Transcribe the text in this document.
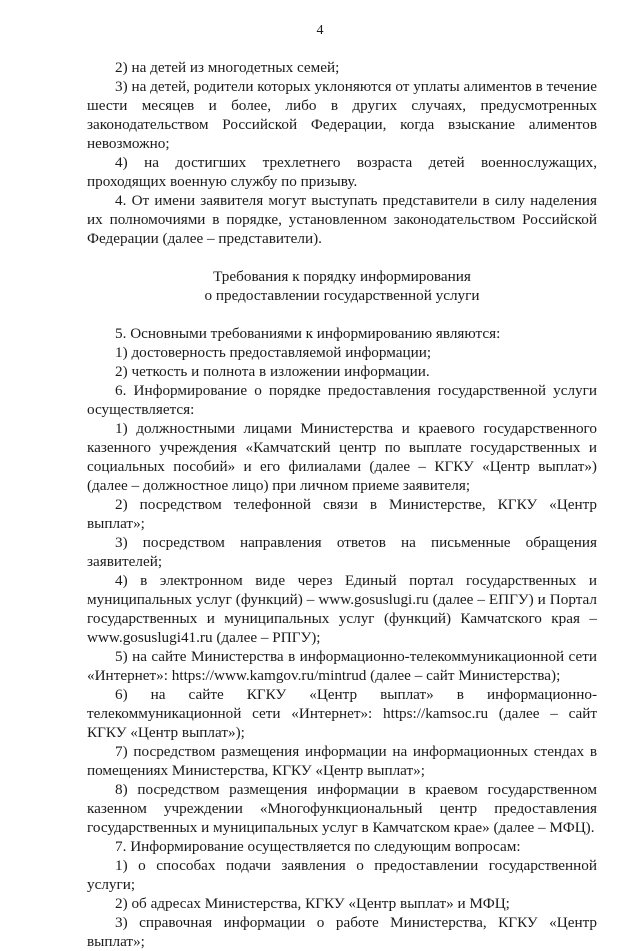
4

2) на детей из многодетных семей;

3) на детей, родители которых уклоняются от уплаты алиментов в течение шести месяцев и более, либо в других случаях, предусмотренных законодательством Российской Федерации, когда взыскание алиментов невозможно;

4) на достигших трехлетнего возраста детей военнослужащих, проходящих военную службу по призыву.

4. От имени заявителя могут выступать представители в силу наделения их полномочиями в порядке, установленном законодательством Российской Федерации (далее – представители).

Требования к порядку информирования

о предоставлении государственной услуги

5. Основными требованиями к информированию являются:

1) достоверность предоставляемой информации;

2) четкость и полнота в изложении информации.

6. Информирование о порядке предоставления государственной услуги осуществляется:

1) должностными лицами Министерства и краевого государственного казенного учреждения «Камчатский центр по выплате государственных и социальных пособий» и его филиалами (далее – КГКУ «Центр выплат») (далее – должностное лицо) при личном приеме заявителя;

2) посредством телефонной связи в Министерстве, КГКУ «Центр выплат»;

3) посредством направления ответов на письменные обращения заявителей;

4) в электронном виде через Единый портал государственных и муниципальных услуг (функций) – www.gosuslugi.ru (далее – ЕПГУ) и Портал государственных и муниципальных услуг (функций) Камчатского края – www.gosuslugi41.ru (далее – РПГУ);

5) на сайте Министерства в информационно-телекоммуникационной сети «Интернет»: https://www.kamgov.ru/mintrud (далее – сайт Министерства);

6) на сайте КГКУ «Центр выплат» в информационно-телекоммуникационной сети «Интернет»: https://kamsoc.ru (далее – сайт КГКУ «Центр выплат»);

7) посредством размещения информации на информационных стендах в помещениях Министерства, КГКУ «Центр выплат»;

8) посредством размещения информации в краевом государственном казенном учреждении «Многофункциональный центр предоставления государственных и муниципальных услуг в Камчатском крае» (далее – МФЦ).

7. Информирование осуществляется по следующим вопросам:

1) о способах подачи заявления о предоставлении государственной услуги;

2) об адресах Министерства, КГКУ «Центр выплат» и МФЦ;

3) справочная информации о работе Министерства, КГКУ «Центр выплат»;
